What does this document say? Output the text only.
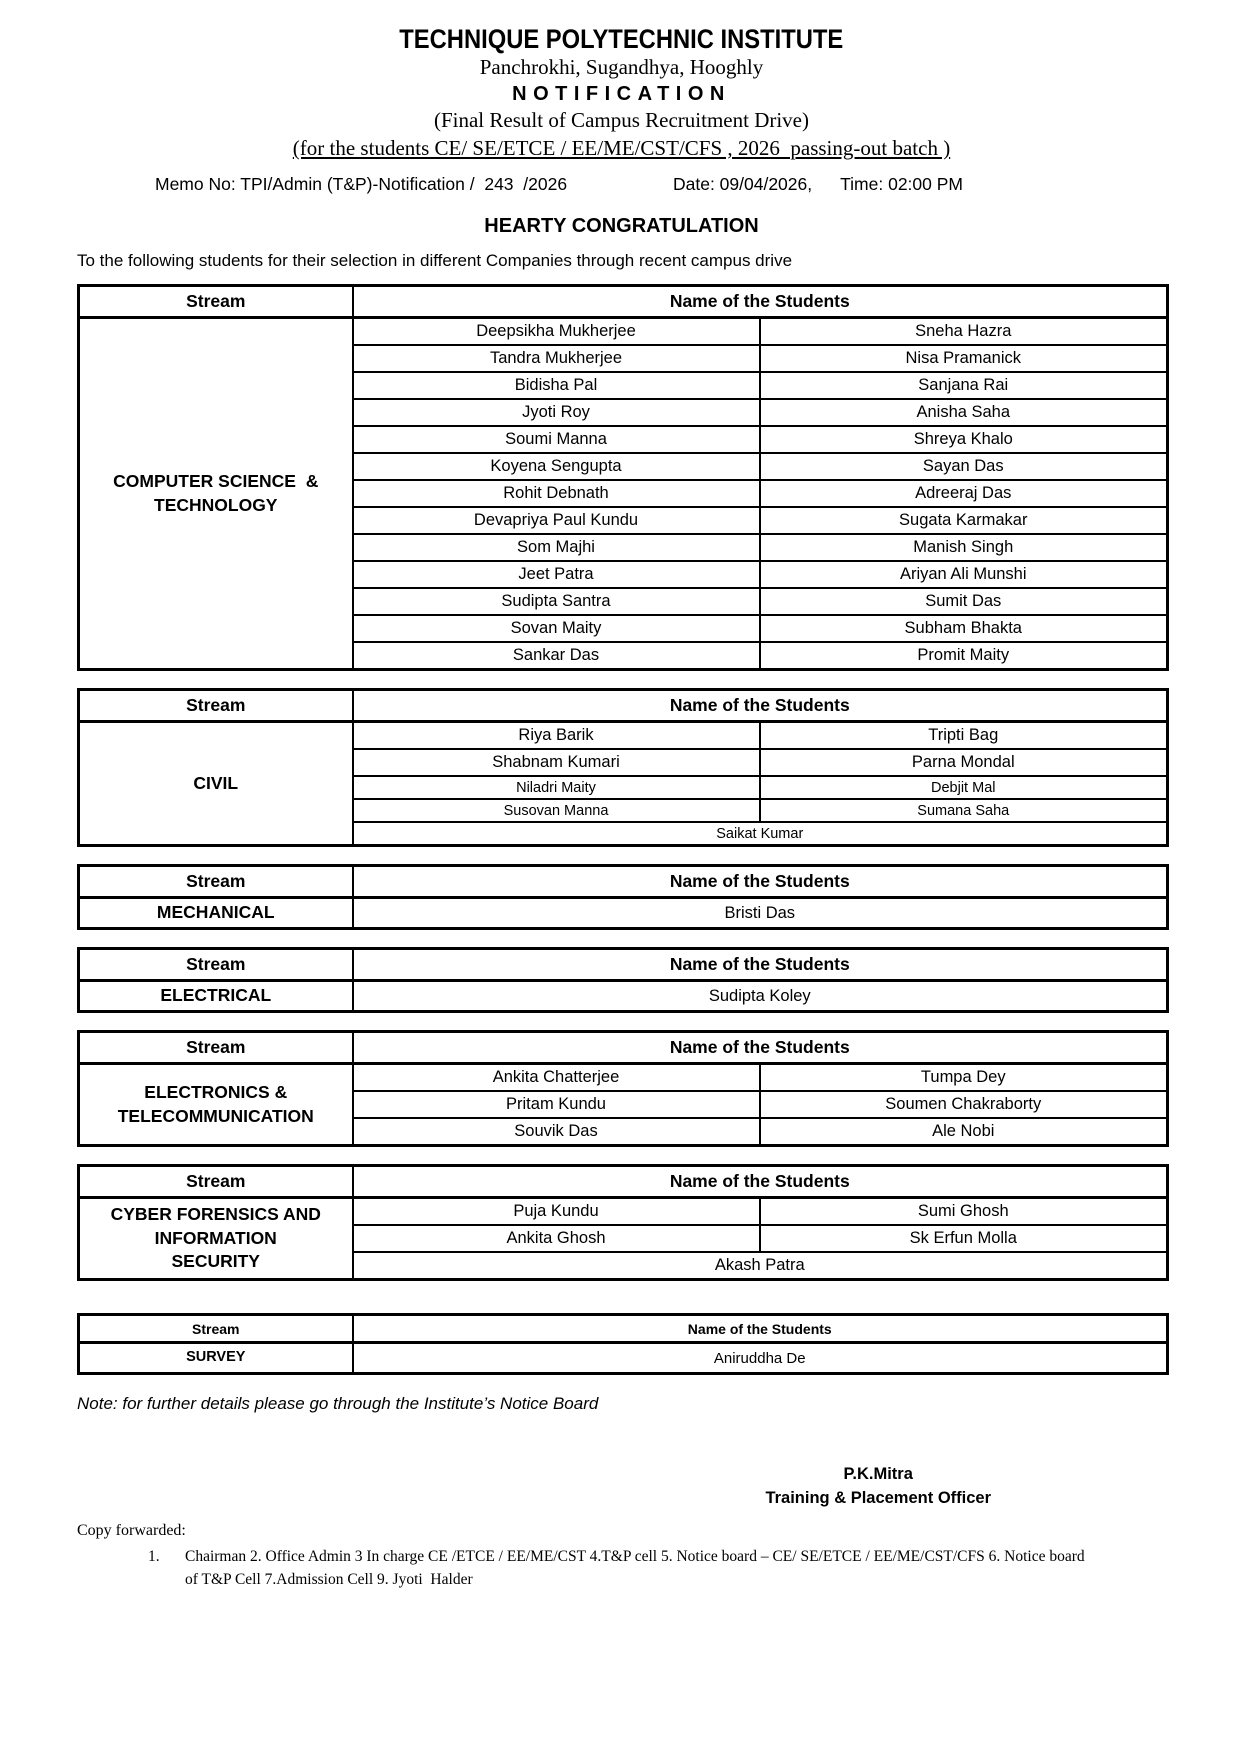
TECHNIQUE POLYTECHNIC INSTITUTE
Panchrokhi, Sugandhya, Hooghly
NOTIFICATION
(Final Result of Campus Recruitment Drive)
(for the students CE/ SE/ETCE / EE/ME/CST/CFS , 2026  passing-out batch )
Memo No: TPI/Admin (T&P)-Notification /  243  /2026	Date: 09/04/2026, Time: 02:00 PM
HEARTY CONGRATULATION
To the following students for their selection in different Companies through recent campus drive
Stream	Name of the Students	

COMPUTER SCIENCE  &
TECHNOLOGY	Deepsikha Mukherjee	Sneha Hazra
	Tandra Mukherjee	Nisa Pramanick
	Bidisha Pal	Sanjana Rai
	Jyoti Roy	Anisha Saha
	Soumi Manna	Shreya Khalo
	Koyena Sengupta	Sayan Das
	Rohit Debnath	Adreeraj Das
	Devapriya Paul Kundu	Sugata Karmakar
	Som Majhi	Manish Singh
	Jeet Patra	Ariyan Ali Munshi
	Sudipta Santra	Sumit Das
	Sovan Maity	Subham Bhakta
	Sankar Das	Promit Maity
Stream	Name of the Students	

CIVIL	Riya Barik	Tripti Bag
	Shabnam Kumari	Parna Mondal
	Niladri Maity	Debjit Mal
	Susovan Manna	Sumana Saha
	Saikat Kumar	
Stream	Name of the Students

MECHANICAL	Bristi Das
Stream	Name of the Students

ELECTRICAL	Sudipta Koley
Stream	Name of the Students	

ELECTRONICS &
TELECOMMUNICATION	Ankita Chatterjee	Tumpa Dey
	Pritam Kundu	Soumen Chakraborty
	Souvik Das	Ale Nobi
Stream	Name of the Students	

CYBER FORENSICS AND
INFORMATION
SECURITY	Puja Kundu	Sumi Ghosh
	Ankita Ghosh	Sk Erfun Molla
	Akash Patra	
Stream	Name of the Students

SURVEY	Aniruddha De
Note: for further details please go through the Institute’s Notice Board
P.K.Mitra
Training & Placement Officer
Copy forwarded:
1.	Chairman 2. Office Admin 3 In charge CE /ETCE / EE/ME/CST 4.T&P cell 5. Notice board – CE/ SE/ETCE / EE/ME/CST/CFS 6. Notice board of T&P Cell 7.Admission Cell 9. Jyoti  Halder
